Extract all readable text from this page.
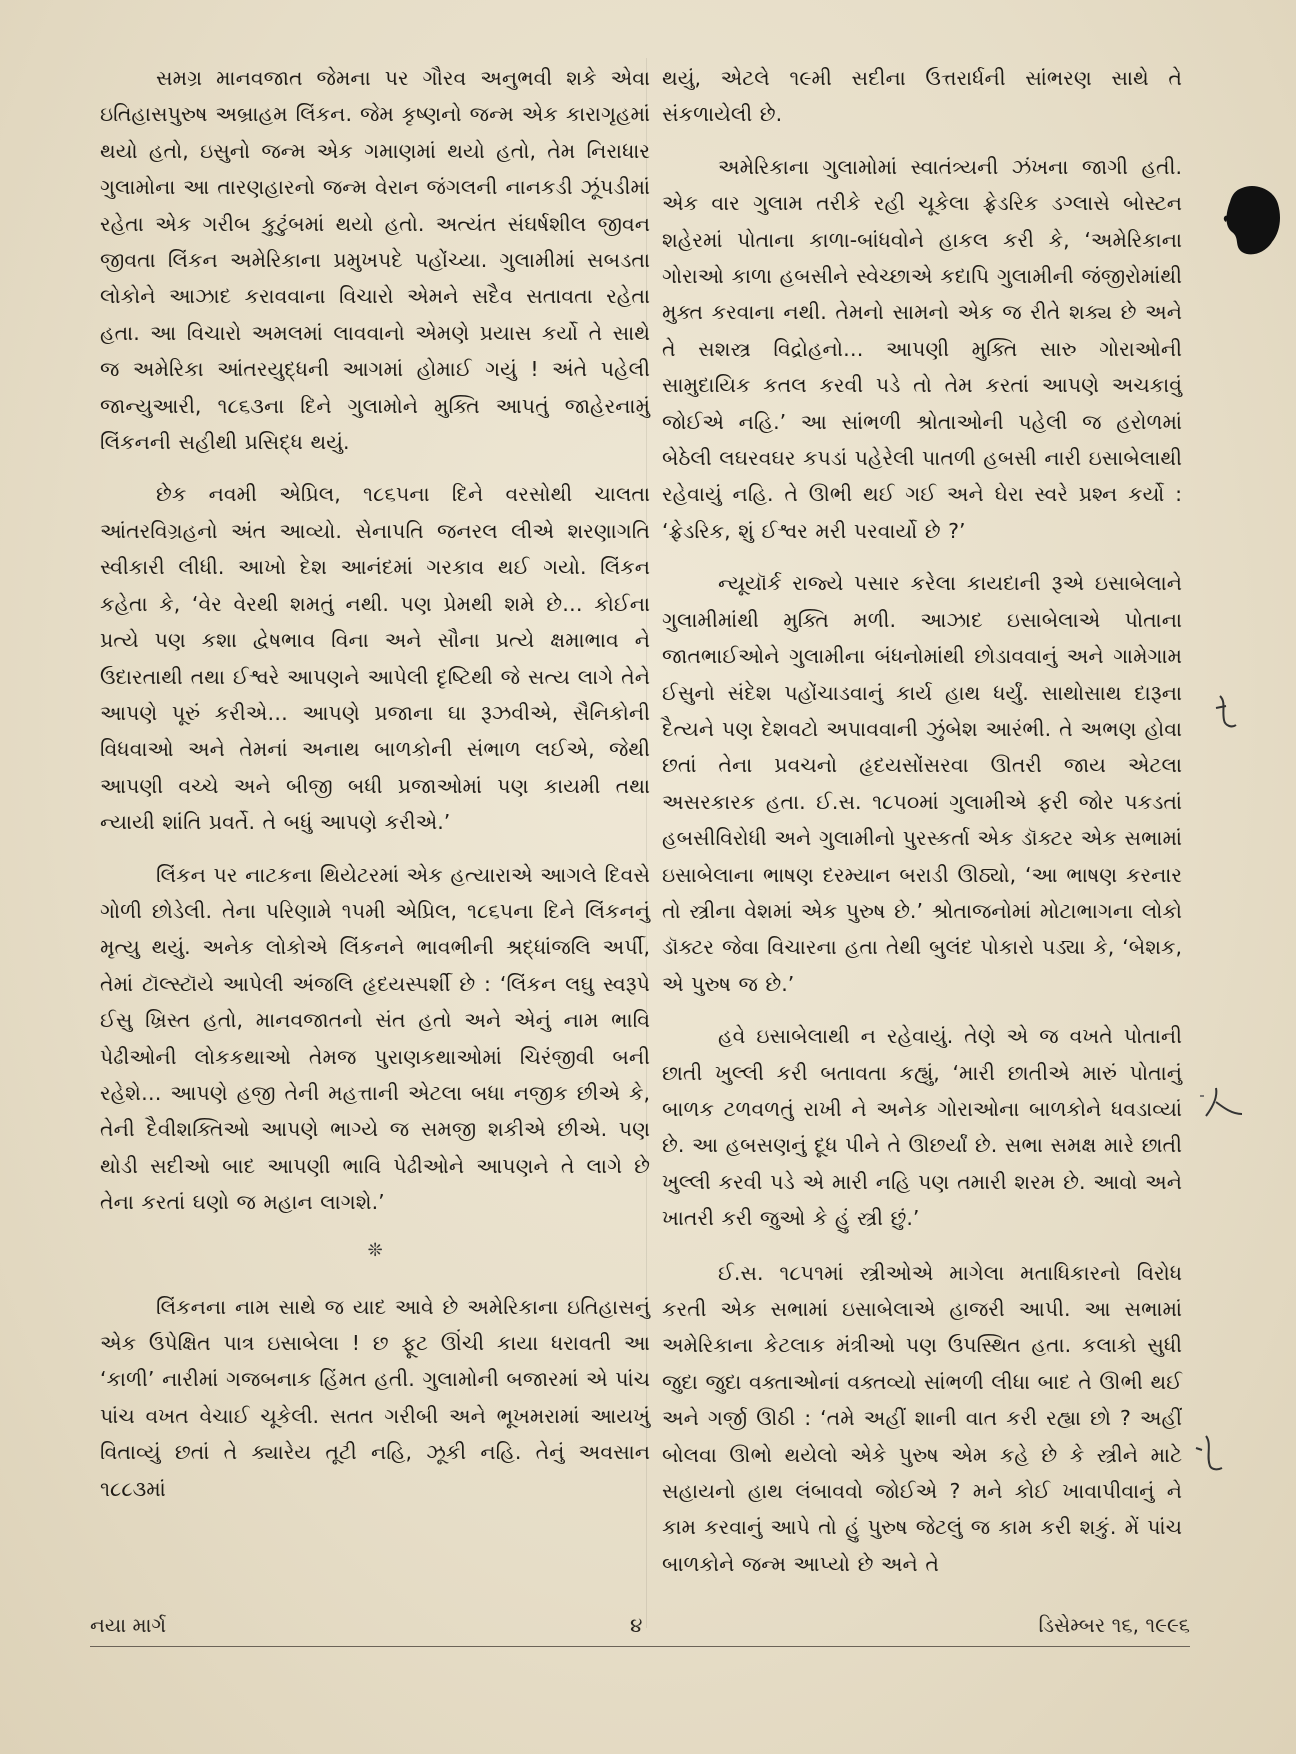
સમગ્ર માનવજાત જેમના પર ગૌરવ અનુભવી શકે એવા ઇતિહાસપુરુષ અબ્રાહમ લિંકન. જેમ કૃષ્ણનો જન્મ એક કારાગૃહમાં થયો હતો, ઇસુનો જન્મ એક ગમાણમાં થયો હતો, તેમ નિરાધાર ગુલામોના આ તારણહારનો જન્મ વેરાન જંગલની નાનકડી ઝૂંપડીમાં રહેતા એક ગરીબ કુટુંબમાં થયો હતો. અત્યંત સંઘર્ષશીલ જીવન જીવતા લિંકન અમેરિકાના પ્રમુખપદે પહોંચ્યા. ગુલામીમાં સબડતા લોકોને આઝાદ કરાવવાના વિચારો એમને સદૈવ સતાવતા રહેતા હતા. આ વિચારો અમલમાં લાવવાનો એમણે પ્રયાસ કર્યો તે સાથે જ અમેરિકા આંતરયુદ્ધની આગમાં હોમાઈ ગયું ! અંતે પહેલી જાન્યુઆરી, ૧૮૬૩ના દિને ગુલામોને મુક્તિ આપતું જાહેરનામું લિંકનની સહીથી પ્રસિદ્ધ થયું.

છેક નવમી એપ્રિલ, ૧૮૬૫ના દિને વરસોથી ચાલતા આંતરવિગ્રહનો અંત આવ્યો. સેનાપતિ જનરલ લીએ શરણાગતિ સ્વીકારી લીધી. આખો દેશ આનંદમાં ગરકાવ થઈ ગયો. લિંકન કહેતા કે, ‘વેર વેરથી શમતું નથી. પણ પ્રેમથી શમે છે… કોઈના પ્રત્યે પણ કશા દ્વેષભાવ વિના અને સૌના પ્રત્યે ક્ષમાભાવ ને ઉદારતાથી તથા ઈશ્વરે આપણને આપેલી દૃષ્ટિથી જે સત્ય લાગે તેને આપણે પૂરું કરીએ… આપણે પ્રજાના ઘા રૂઝવીએ, સૈનિકોની વિધવાઓ અને તેમનાં અનાથ બાળકોની સંભાળ લઈએ, જેથી આપણી વચ્ચે અને બીજી બધી પ્રજાઓમાં પણ કાયમી તથા ન્યાયી શાંતિ પ્રવર્તે. તે બધું આપણે કરીએ.’

લિંકન પર નાટકના થિયેટરમાં એક હત્યારાએ આગલે દિવસે ગોળી છોડેલી. તેના પરિણામે ૧૫મી એપ્રિલ, ૧૮૬૫ના દિને લિંકનનું મૃત્યુ થયું. અનેક લોકોએ લિંકનને ભાવભીની શ્રદ્ધાંજલિ અર્પી, તેમાં ટૉલ્સ્ટૉયે આપેલી અંજલિ હૃદયસ્પર્શી છે : ‘લિંકન લઘુ સ્વરૂપે ઈસુ ખ્રિસ્ત હતો, માનવજાતનો સંત હતો અને એનું નામ ભાવિ પેઢીઓની લોકકથાઓ તેમજ પુરાણકથાઓમાં ચિરંજીવી બની રહેશે… આપણે હજી તેની મહત્તાની એટલા બધા નજીક છીએ કે, તેની દૈવીશક્તિઓ આપણે ભાગ્યે જ સમજી શકીએ છીએ. પણ થોડી સદીઓ બાદ આપણી ભાવિ પેઢીઓને આપણને તે લાગે છે તેના કરતાં ઘણો જ મહાન લાગશે.’

❊

લિંકનના નામ સાથે જ યાદ આવે છે અમેરિકાના ઇતિહાસનું એક ઉપેક્ષિત પાત્ર ઇસાબેલા ! છ ફૂટ ઊંચી કાયા ધરાવતી આ ‘કાળી’ નારીમાં ગજબનાક હિંમત હતી. ગુલામોની બજારમાં એ પાંચ પાંચ વખત વેચાઈ ચૂકેલી. સતત ગરીબી અને ભૂખમરામાં આયખું વિતાવ્યું છતાં તે ક્યારેય તૂટી નહિ, ઝૂકી નહિ. તેનું અવસાન ૧૮૮૩માં

થયું, એટલે ૧૯મી સદીના ઉત્તરાર્ધની સાંભરણ સાથે તે સંકળાયેલી છે.

અમેરિકાના ગુલામોમાં સ્વાતંત્ર્યની ઝંખના જાગી હતી. એક વાર ગુલામ તરીકે રહી ચૂકેલા ફ્રેડરિક ડગ્લાસે બોસ્ટન શહેરમાં પોતાના કાળા-બાંધવોને હાકલ કરી કે, ‘અમેરિકાના ગોરાઓ કાળા હબસીને સ્વેચ્છાએ કદાપિ ગુલામીની જંજીરોમાંથી મુક્ત કરવાના નથી. તેમનો સામનો એક જ રીતે શક્ય છે અને તે સશસ્ત્ર વિદ્રોહનો… આપણી મુક્તિ સારુ ગોરાઓની સામુદાયિક કતલ કરવી પડે તો તેમ કરતાં આપણે અચકાવું જોઈએ નહિ.’ આ સાંભળી શ્રોતાઓની પહેલી જ હરોળમાં બેઠેલી લઘરવઘર કપડાં પહેરેલી પાતળી હબસી નારી ઇસાબેલાથી રહેવાયું નહિ. તે ઊભી થઈ ગઈ અને ઘેરા સ્વરે પ્રશ્ન કર્યો : ‘ફ્રેડરિક, શું ઈશ્વર મરી પરવાર્યો છે ?’

ન્યૂયૉર્ક રાજ્યે પસાર કરેલા કાયદાની રૂએ ઇસાબેલાને ગુલામીમાંથી મુક્તિ મળી. આઝાદ ઇસાબેલાએ પોતાના જાતભાઈઓને ગુલામીના બંધનોમાંથી છોડાવવાનું અને ગામેગામ ઈસુનો સંદેશ પહોંચાડવાનું કાર્ય હાથ ધર્યું. સાથોસાથ દારૂના દૈત્યને પણ દેશવટો અપાવવાની ઝુંબેશ આરંભી. તે અભણ હોવા છતાં તેના પ્રવચનો હૃદયસોંસરવા ઊતરી જાય એટલા અસરકારક હતા. ઈ.સ. ૧૮૫૦માં ગુલામીએ ફરી જોર પકડતાં હબસીવિરોધી અને ગુલામીનો પુરસ્કર્તા એક ડૉક્ટર એક સભામાં ઇસાબેલાના ભાષણ દરમ્યાન બરાડી ઊઠ્યો, ‘આ ભાષણ કરનાર તો સ્ત્રીના વેશમાં એક પુરુષ છે.’ શ્રોતાજનોમાં મોટાભાગના લોકો ડૉક્ટર જેવા વિચારના હતા તેથી બુલંદ પોકારો પડ્યા કે, ‘બેશક, એ પુરુષ જ છે.’

હવે ઇસાબેલાથી ન રહેવાયું. તેણે એ જ વખતે પોતાની છાતી ખુલ્લી કરી બતાવતા કહ્યું, ‘મારી છાતીએ મારું પોતાનું બાળક ટળવળતું રાખી ને અનેક ગોરાઓના બાળકોને ધવડાવ્યાં છે. આ હબસણનું દૂધ પીને તે ઊછર્યાં છે. સભા સમક્ષ મારે છાતી ખુલ્લી કરવી પડે એ મારી નહિ પણ તમારી શરમ છે. આવો અને ખાતરી કરી જુઓ કે હું સ્ત્રી છું.’

ઈ.સ. ૧૮૫૧માં સ્ત્રીઓએ માગેલા મતાધિકારનો વિરોધ કરતી એક સભામાં ઇસાબેલાએ હાજરી આપી. આ સભામાં અમેરિકાના કેટલાક મંત્રીઓ પણ ઉપસ્થિત હતા. કલાકો સુધી જુદા જુદા વક્તાઓનાં વક્તવ્યો સાંભળી લીધા બાદ તે ઊભી થઈ અને ગર્જી ઊઠી : ‘તમે અહીં શાની વાત કરી રહ્યા છો ? અહીં બોલવા ઊભો થયેલો એકે પુરુષ એમ કહે છે કે સ્ત્રીને માટે સહાયનો હાથ લંબાવવો જોઈએ ? મને કોઈ ખાવાપીવાનું ને કામ કરવાનું આપે તો હું પુરુષ જેટલું જ કામ કરી શકું. મેં પાંચ બાળકોને જન્મ આપ્યો છે અને તે

નયા માર્ગ	૪	ડિસેમ્બર ૧૬, ૧૯૯૬
